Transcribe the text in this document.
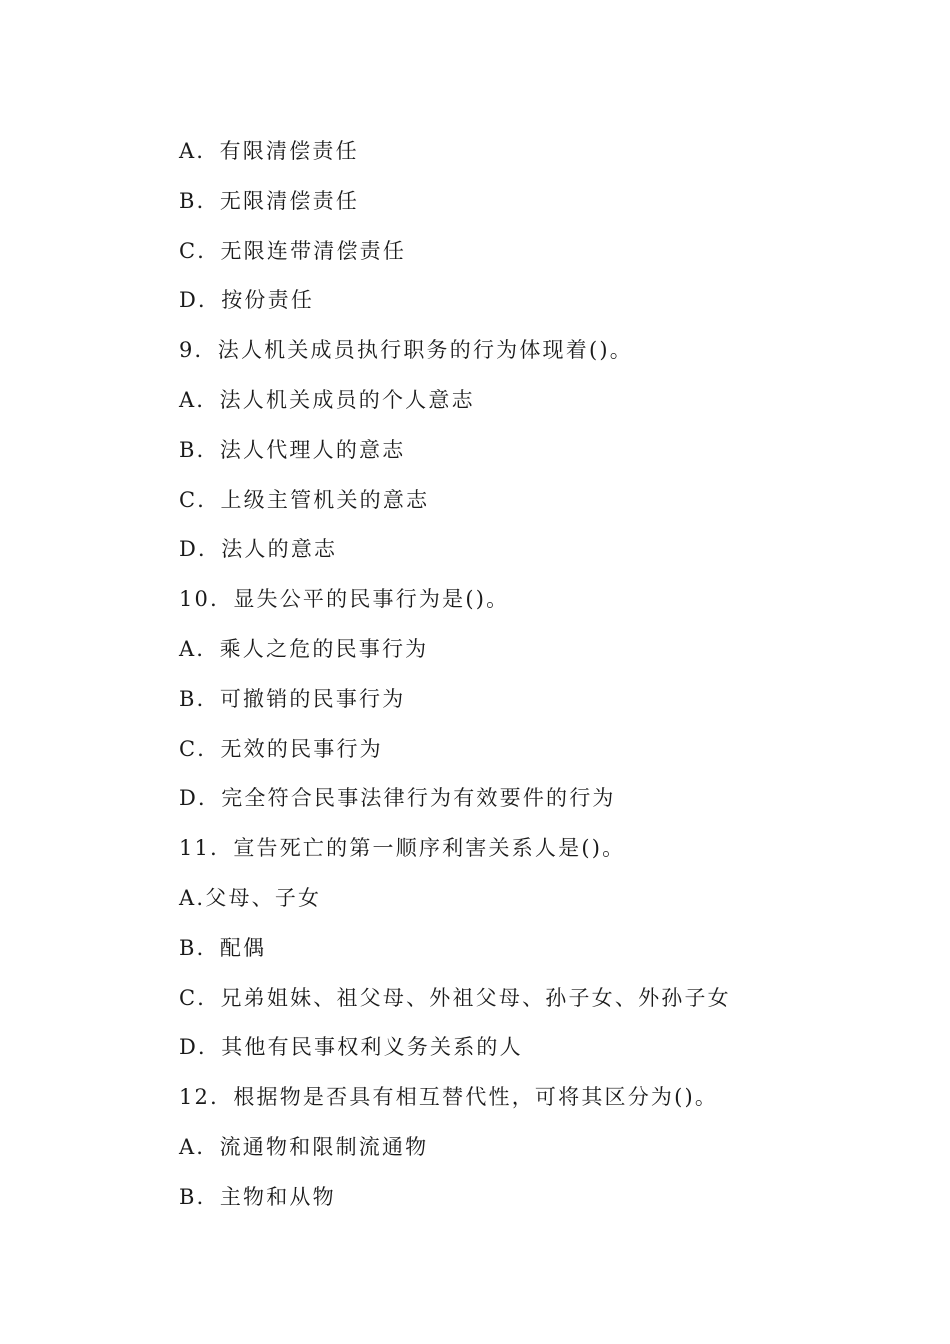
A．有限清偿责任
B．无限清偿责任
C．无限连带清偿责任
D．按份责任
9．法人机关成员执行职务的行为体现着()。
A．法人机关成员的个人意志
B．法人代理人的意志
C．上级主管机关的意志
D．法人的意志
10．显失公平的民事行为是()。
A．乘人之危的民事行为
B．可撤销的民事行为
C．无效的民事行为
D．完全符合民事法律行为有效要件的行为
11．宣告死亡的第一顺序利害关系人是()。
A.父母、子女
B．配偶
C．兄弟姐妹、祖父母、外祖父母、孙子女、外孙子女
D．其他有民事权利义务关系的人
12．根据物是否具有相互替代性，可将其区分为()。
A．流通物和限制流通物
B．主物和从物
